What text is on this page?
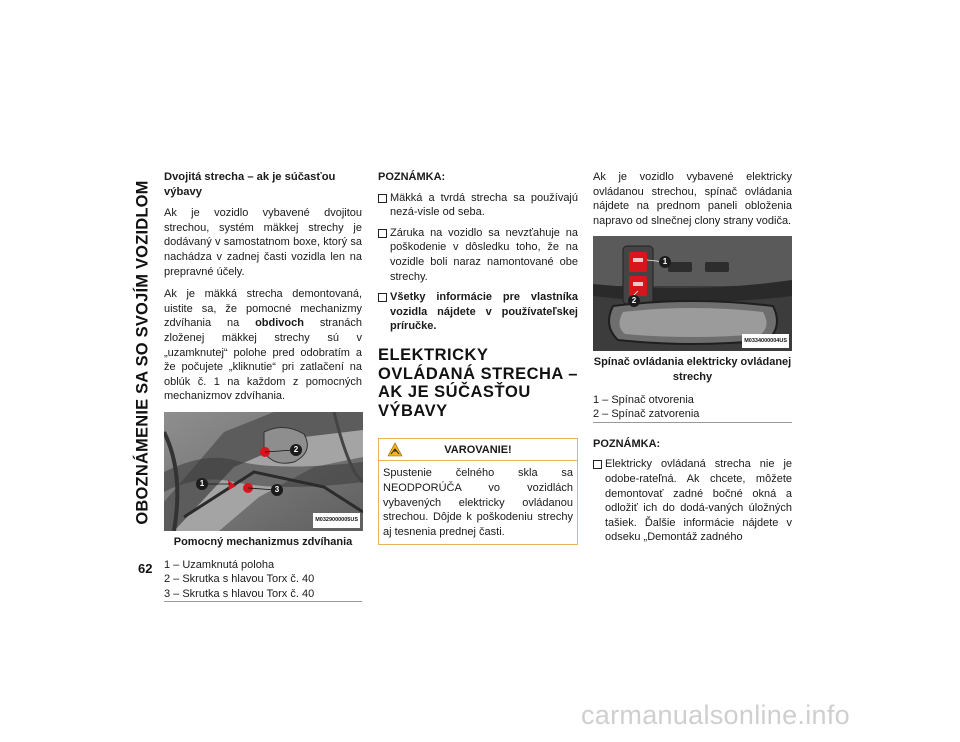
OBOZNÁMENIE SA SO SVOJÍM VOZIDLOM
62
Dvojitá strecha – ak je súčasťou výbavy

Ak je vozidlo vybavené dvojitou strechou, systém mäkkej strechy je dodávaný v samostatnom boxe, ktorý sa nachádza v zadnej časti vozidla len na prepravné účely.

Ak je mäkká strecha demontovaná, uistite sa, že pomocné mechanizmy zdvíhania na obdivoch stranách zloženej mäkkej strechy sú v „uzamknutej“ polohe pred odobratím a že počujete „kliknutie“ pri zatlačení na oblúk č. 1 na každom z pomocných mechanizmov zdvíhania.

2
3
1
M0329000005US
Pomocný mechanizmus zdvíhania
1 – Uzamknutá poloha
2 – Skrutka s hlavou Torx č. 40
3 – Skrutka s hlavou Torx č. 40
POZNÁMKA:
Mäkká a tvrdá strecha sa používajú nezá-visle od seba.
Záruka na vozidlo sa nevzťahuje na poškodenie v dôsledku toho, že na vozidle boli naraz namontované obe strechy.
Všetky informácie pre vlastníka vozidla nájdete v používateľskej príručke.
ELEKTRICKY OVLÁDANÁ STRECHA – AK JE SÚČASŤOU VÝBAVY
VAROVANIE!
Spustenie čelného skla sa NEODPORÚČA vo vozidlách vybavených elektricky ovládanou strechou. Dôjde k poškodeniu strechy aj tesnenia prednej časti.

Ak je vozidlo vybavené elektricky ovládanou strechou, spínač ovládania nájdete na prednom paneli obloženia napravo od slnečnej clony strany vodiča.

1
2
M0334000004US
Spínač ovládania elektricky ovládanej strechy
1 – Spínač otvorenia
2 – Spínač zatvorenia
POZNÁMKA:
Elektricky ovládaná strecha nie je odobe-rateľná. Ak chcete, môžete demontovať zadné bočné okná a odložiť ich do dodá-vaných úložných tašiek. Ďalšie informácie nájdete v odseku „Demontáž zadného
carmanualsonline.info
